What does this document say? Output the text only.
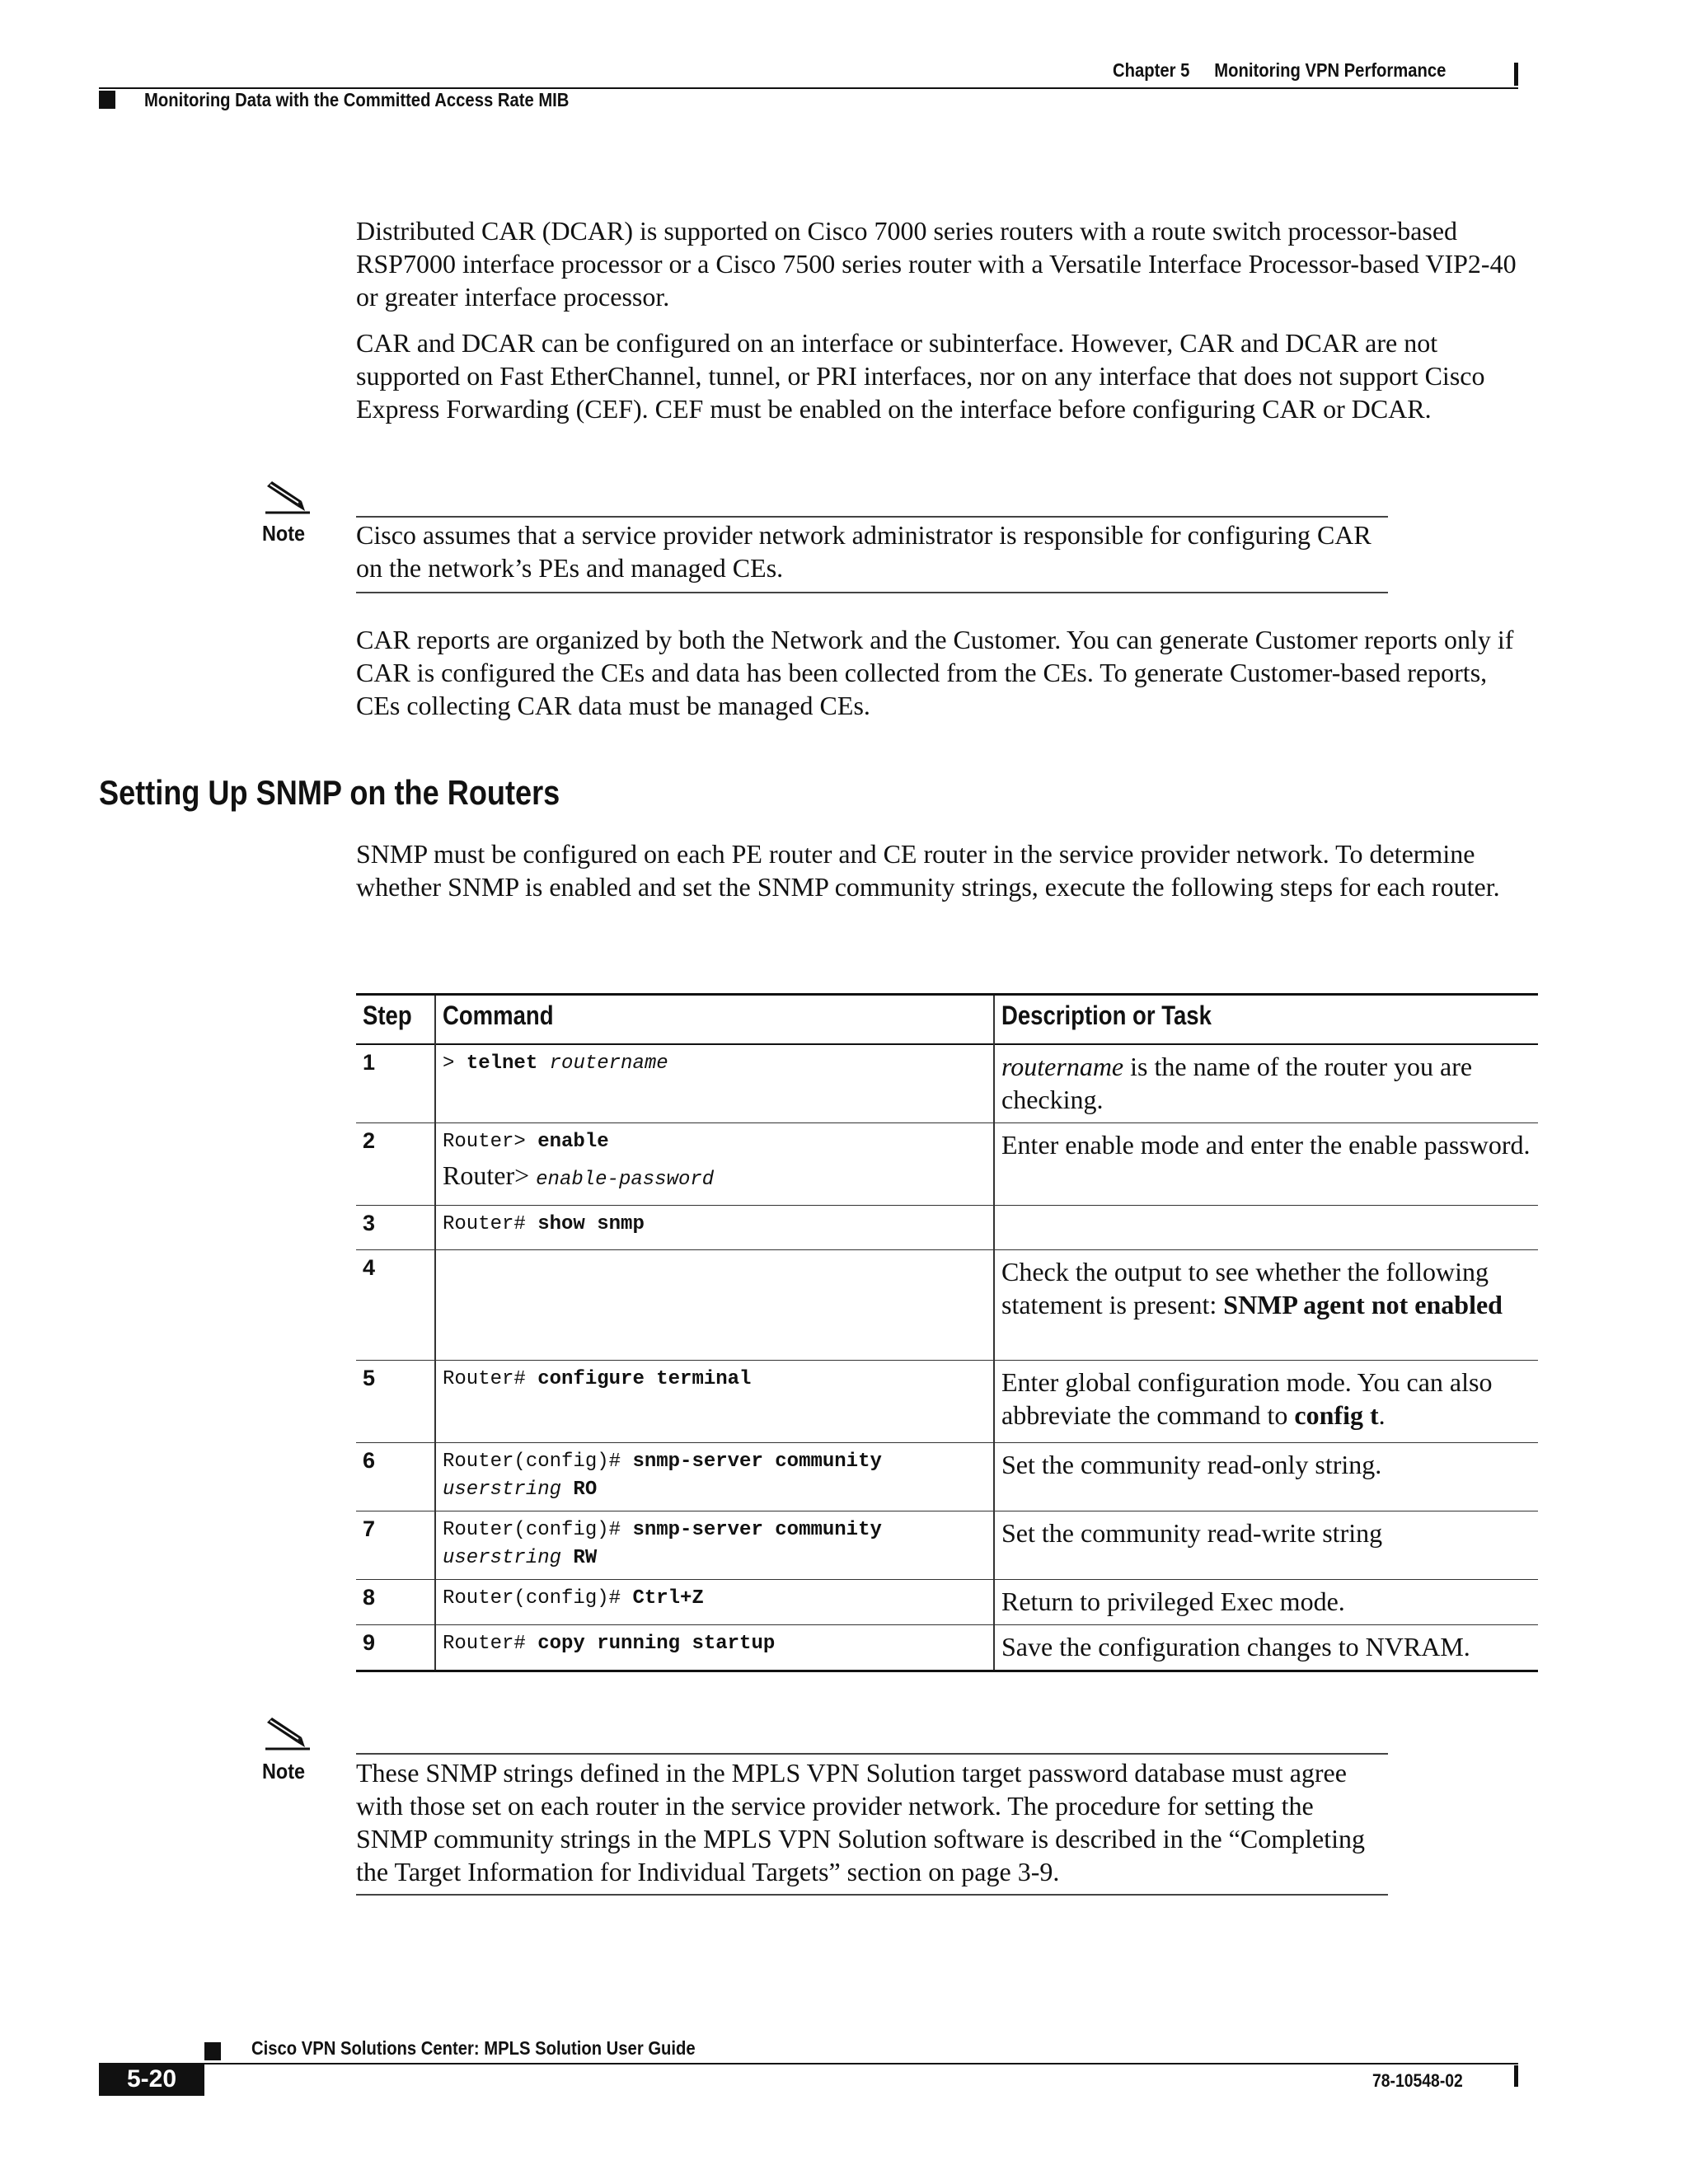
Chapter 5 Monitoring VPN Performance
Monitoring Data with the Committed Access Rate MIB

Distributed CAR (DCAR) is supported on Cisco 7000 series routers with a route switch processor-based RSP7000 interface processor or a Cisco 7500 series router with a Versatile Interface Processor-based VIP2-40 or greater interface processor.

CAR and DCAR can be configured on an interface or subinterface. However, CAR and DCAR are not supported on Fast EtherChannel, tunnel, or PRI interfaces, nor on any interface that does not support Cisco Express Forwarding (CEF). CEF must be enabled on the interface before configuring CAR or DCAR.

Note Cisco assumes that a service provider network administrator is responsible for configuring CAR on the network’s PEs and managed CEs.
CAR reports are organized by both the Network and the Customer. You can generate Customer reports only if CAR is configured the CEs and data has been collected from the CEs. To generate Customer-based reports, CEs collecting CAR data must be managed CEs.
Setting Up SNMP on the Routers
SNMP must be configured on each PE router and CE router in the service provider network. To determine whether SNMP is enabled and set the SNMP community strings, execute the following steps for each router.
Step	Command	Description or Task
1	> telnet routername	routername is the name of the router you are checking.
2	Router> enable
Router> enable-password	Enter enable mode and enter the enable password.
3	Router# show snmp	
4		Check the output to see whether the following statement is present: SNMP agent not enabled
5	Router# configure terminal	Enter global configuration mode. You can also abbreviate the command to config t.
6	Router(config)# snmp-server community
userstring RO	Set the community read-only string.
7	Router(config)# snmp-server community
userstring RW	Set the community read-write string
8	Router(config)# Ctrl+Z	Return to privileged Exec mode.
9	Router# copy running startup	Save the configuration changes to NVRAM.
Note These SNMP strings defined in the MPLS VPN Solution target password database must agree with those set on each router in the service provider network. The procedure for setting the SNMP community strings in the MPLS VPN Solution software is described in the “Completing the Target Information for Individual Targets” section on page 3-9.
Cisco VPN Solutions Center: MPLS Solution User Guide
5-20	78-10548-02
